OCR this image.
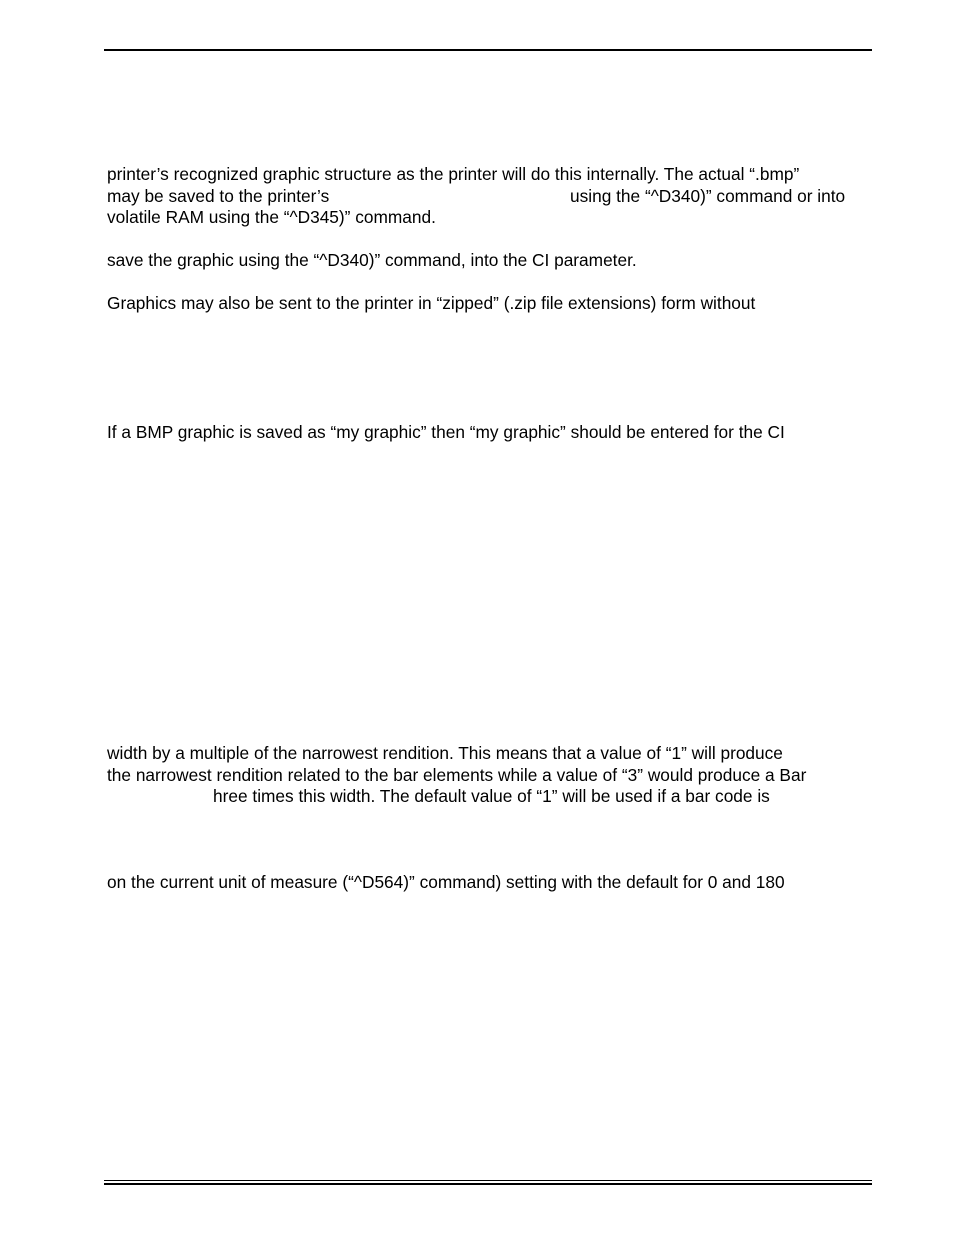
printer’s recognized graphic structure as the printer will do this internally. The actual “.bmp”
may be saved to the printer’s	using the “^D340)” command or into
volatile RAM using the “^D345)” command.
save the graphic using the “^D340)” command, into the CI parameter.
Graphics may also be sent to the printer in “zipped” (.zip file extensions) form without
If a BMP graphic is saved as “my graphic” then “my graphic” should be entered for the CI
width by a multiple of the narrowest rendition. This means that a value of “1” will produce
the narrowest rendition related to the bar elements while a value of “3” would produce a Bar
hree times this width. The default value of “1” will be used if a bar code is
on the current unit of measure (“^D564)” command) setting with the default for 0 and 180
